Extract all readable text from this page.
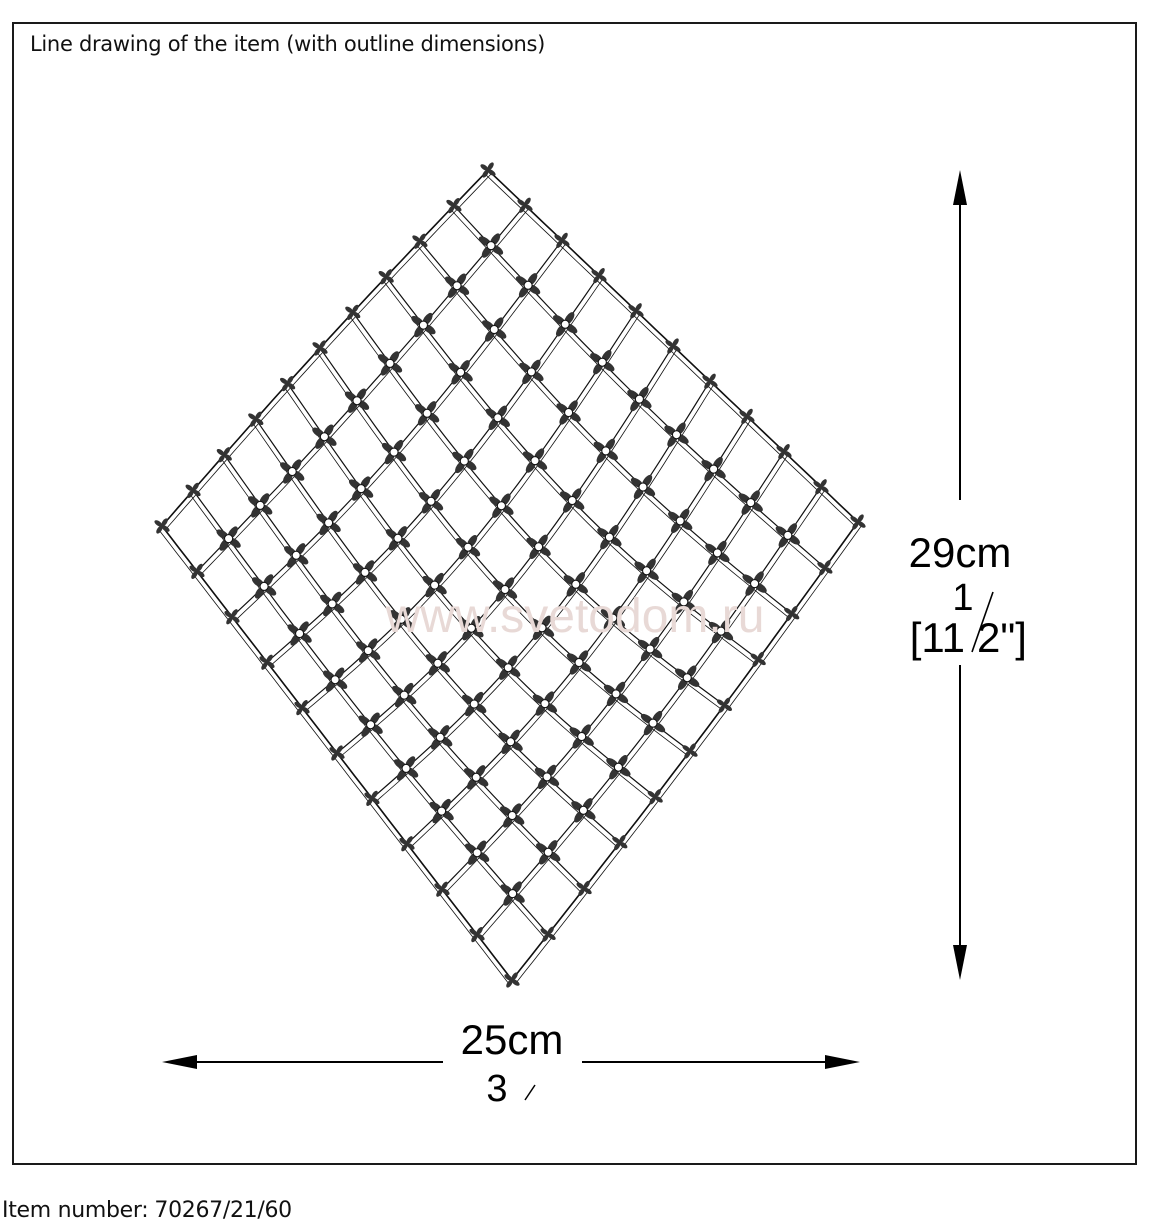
Line drawing of the item (with outline dimensions)
www.svetodom.ru
29cm
1
[11 2"]
25cm
3
Item number: 70267/21/60
